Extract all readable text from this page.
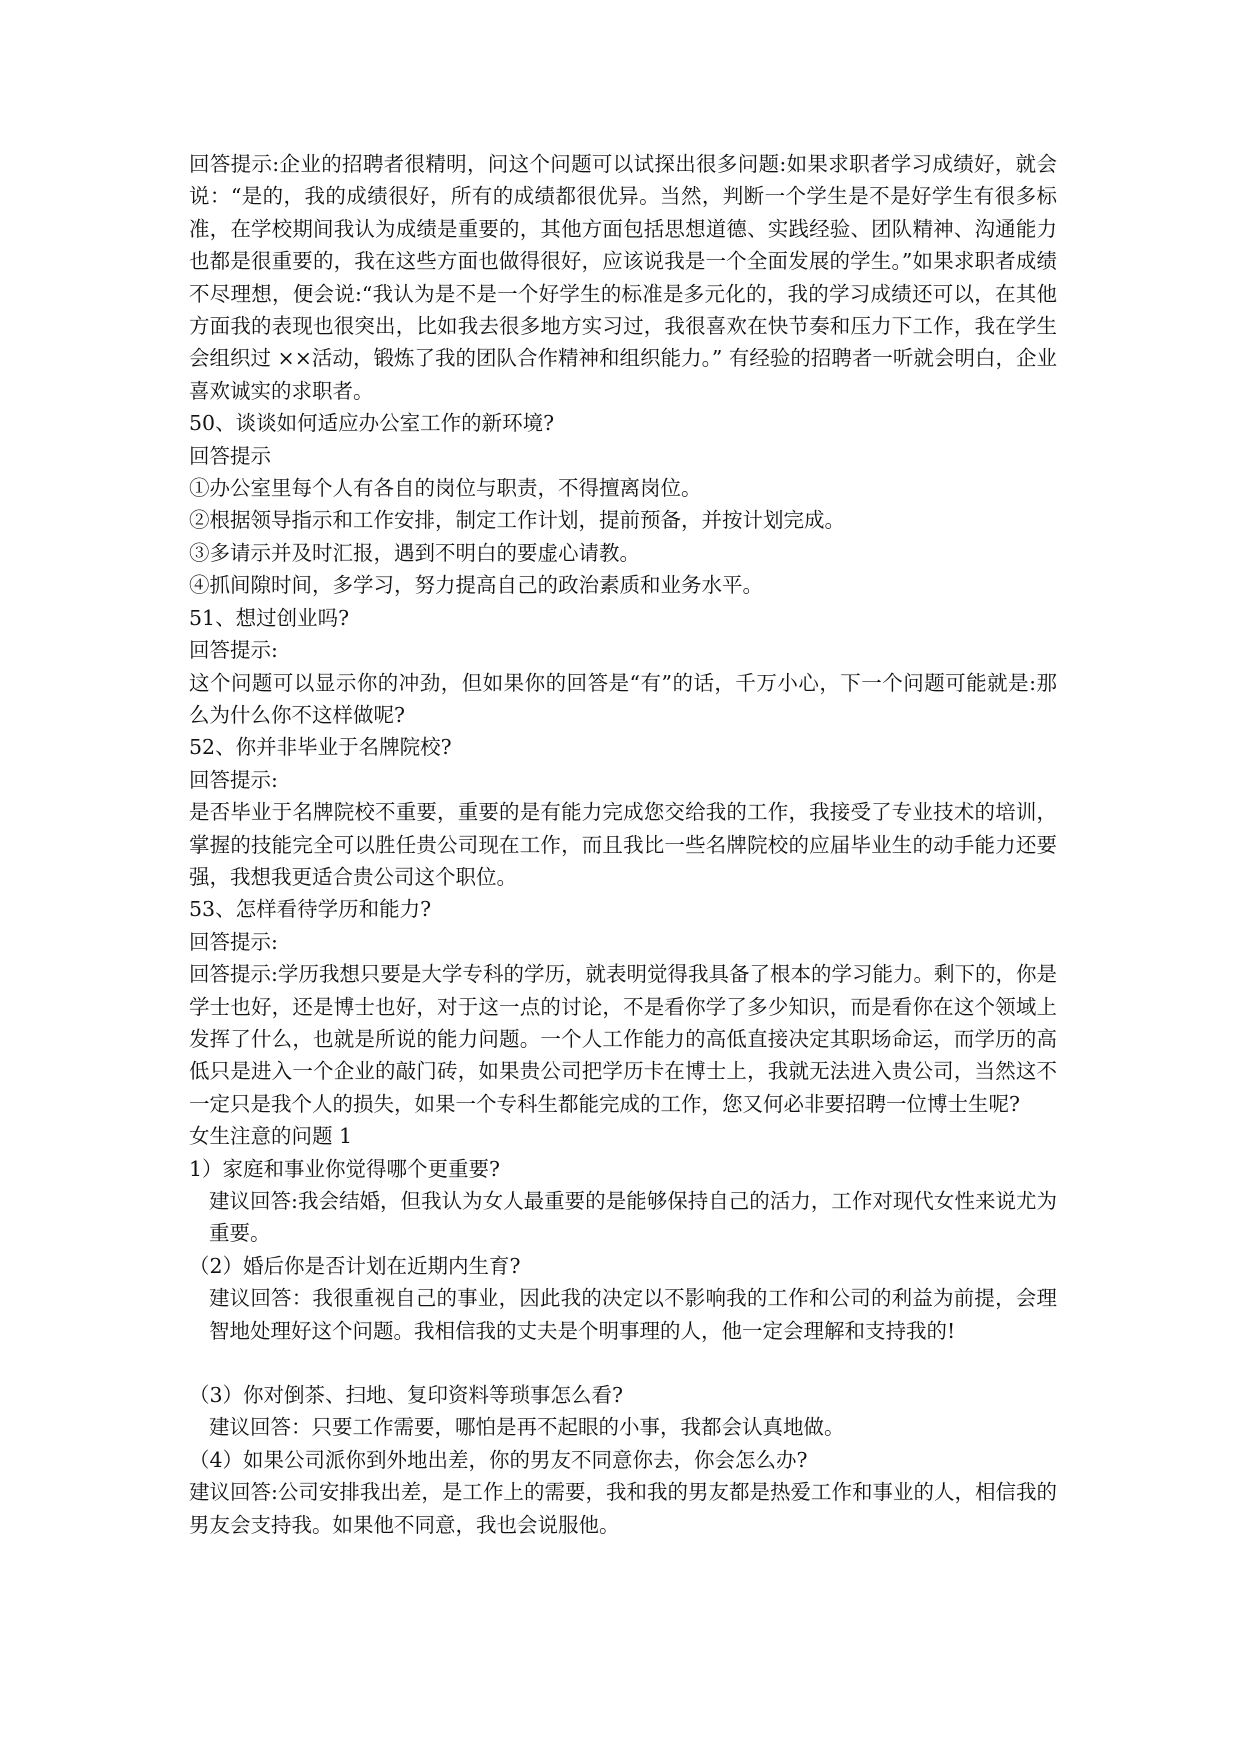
回答提示:企业的招聘者很精明，问这个问题可以试探出很多问题:如果求职者学习成绩好，就会说：“是的，我的成绩很好，所有的成绩都很优异。当然，判断一个学生是不是好学生有很多标准，在学校期间我认为成绩是重要的，其他方面包括思想道德、实践经验、团队精神、沟通能力也都是很重要的，我在这些方面也做得很好，应该说我是一个全面发展的学生。”如果求职者成绩不尽理想，便会说:“我认为是不是一个好学生的标准是多元化的，我的学习成绩还可以，在其他方面我的表现也很突出，比如我去很多地方实习过，我很喜欢在快节奏和压力下工作，我在学生会组织过 ××活动，锻炼了我的团队合作精神和组织能力。” 有经验的招聘者一听就会明白，企业喜欢诚实的求职者。
50、谈谈如何适应办公室工作的新环境?
回答提示
①办公室里每个人有各自的岗位与职责，不得擅离岗位。
②根据领导指示和工作安排，制定工作计划，提前预备，并按计划完成。
③多请示并及时汇报，遇到不明白的要虚心请教。
④抓间隙时间，多学习，努力提高自己的政治素质和业务水平。
51、想过创业吗?
回答提示:
这个问题可以显示你的冲劲，但如果你的回答是“有”的话，千万小心，下一个问题可能就是:那么为什么你不这样做呢?
52、你并非毕业于名牌院校?
回答提示:
是否毕业于名牌院校不重要，重要的是有能力完成您交给我的工作，我接受了专业技术的培训，掌握的技能完全可以胜任贵公司现在工作，而且我比一些名牌院校的应届毕业生的动手能力还要强，我想我更适合贵公司这个职位。
53、怎样看待学历和能力?
回答提示:
回答提示:学历我想只要是大学专科的学历，就表明觉得我具备了根本的学习能力。剩下的，你是学士也好，还是博士也好，对于这一点的讨论，不是看你学了多少知识，而是看你在这个领域上发挥了什么，也就是所说的能力问题。一个人工作能力的高低直接决定其职场命运，而学历的高低只是进入一个企业的敲门砖，如果贵公司把学历卡在博士上，我就无法进入贵公司，当然这不一定只是我个人的损失，如果一个专科生都能完成的工作，您又何必非要招聘一位博士生呢?
女生注意的问题 1
1）家庭和事业你觉得哪个更重要?
建议回答:我会结婚，但我认为女人最重要的是能够保持自己的活力，工作对现代女性来说尤为重要。
（2）婚后你是否计划在近期内生育?
建议回答：我很重视自己的事业，因此我的决定以不影响我的工作和公司的利益为前提，会理智地处理好这个问题。我相信我的丈夫是个明事理的人，他一定会理解和支持我的!
（3）你对倒茶、扫地、复印资料等琐事怎么看?
建议回答：只要工作需要，哪怕是再不起眼的小事，我都会认真地做。
（4）如果公司派你到外地出差，你的男友不同意你去，你会怎么办?
建议回答:公司安排我出差，是工作上的需要，我和我的男友都是热爱工作和事业的人，相信我的男友会支持我。如果他不同意，我也会说服他。
